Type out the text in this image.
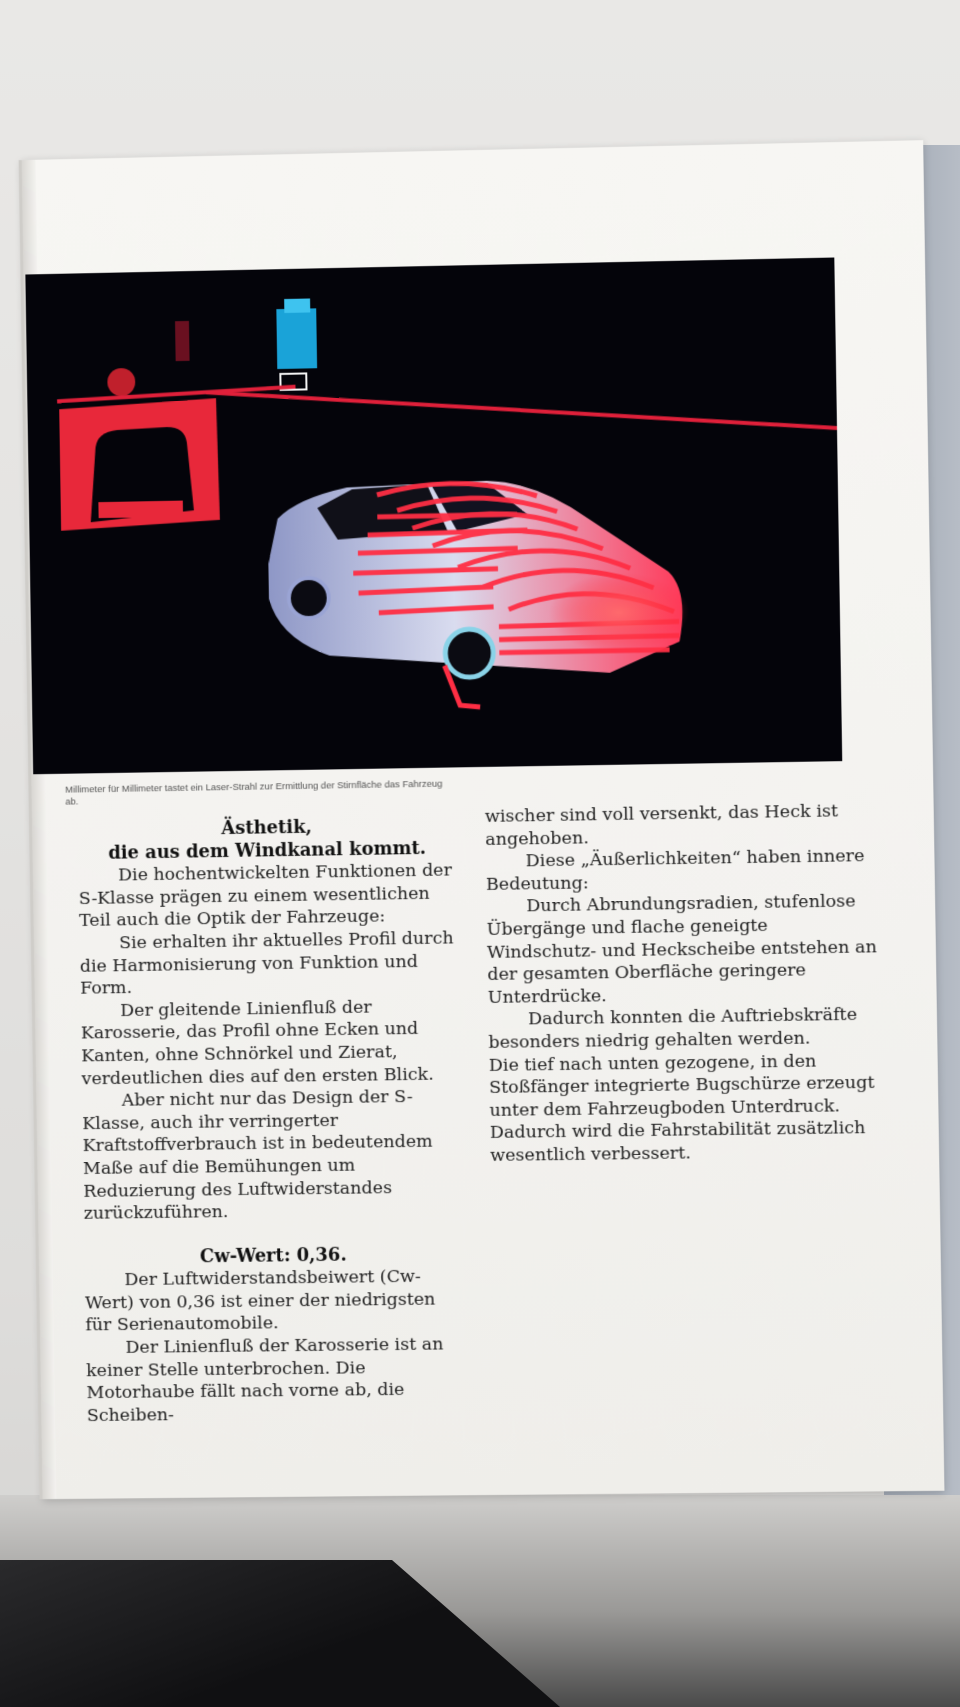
Millimeter für Millimeter tastet ein Laser-Strahl zur Ermittlung der Stirnfläche das Fahrzeug ab.
Ästhetik,
die aus dem Windkanal kommt.

Die hochentwickelten Funktionen der S-Klasse prägen zu einem wesentlichen Teil auch die Optik der Fahrzeuge:

Sie erhalten ihr aktuelles Profil durch die Harmonisierung von Funktion und Form.

Der gleitende Linienfluß der Karosserie, das Profil ohne Ecken und Kanten, ohne Schnörkel und Zierat, verdeutlichen dies auf den ersten Blick.

Aber nicht nur das Design der S-Klasse, auch ihr verringerter Kraftstoffverbrauch ist in bedeutendem Maße auf die Bemühungen um Reduzierung des Luftwiderstandes zurückzuführen.

Cw-Wert: 0,36.

Der Luftwiderstandsbeiwert (Cw-Wert) von 0,36 ist einer der niedrigsten für Serienautomobile.

Der Linienfluß der Karosserie ist an keiner Stelle unterbrochen. Die Motorhaube fällt nach vorne ab, die Scheiben-

wischer sind voll versenkt, das Heck ist angehoben.

Diese „Äußerlichkeiten“ haben innere Bedeutung:

Durch Abrundungsradien, stufenlose Übergänge und flache geneigte Windschutz- und Heckscheibe entstehen an der gesamten Oberfläche geringere Unterdrücke.

Dadurch konnten die Auftriebskräfte besonders niedrig gehalten werden.

Die tief nach unten gezogene, in den Stoßfänger integrierte Bugschürze erzeugt unter dem Fahrzeugboden Unterdruck.

Dadurch wird die Fahrstabilität zusätzlich wesentlich verbessert.
